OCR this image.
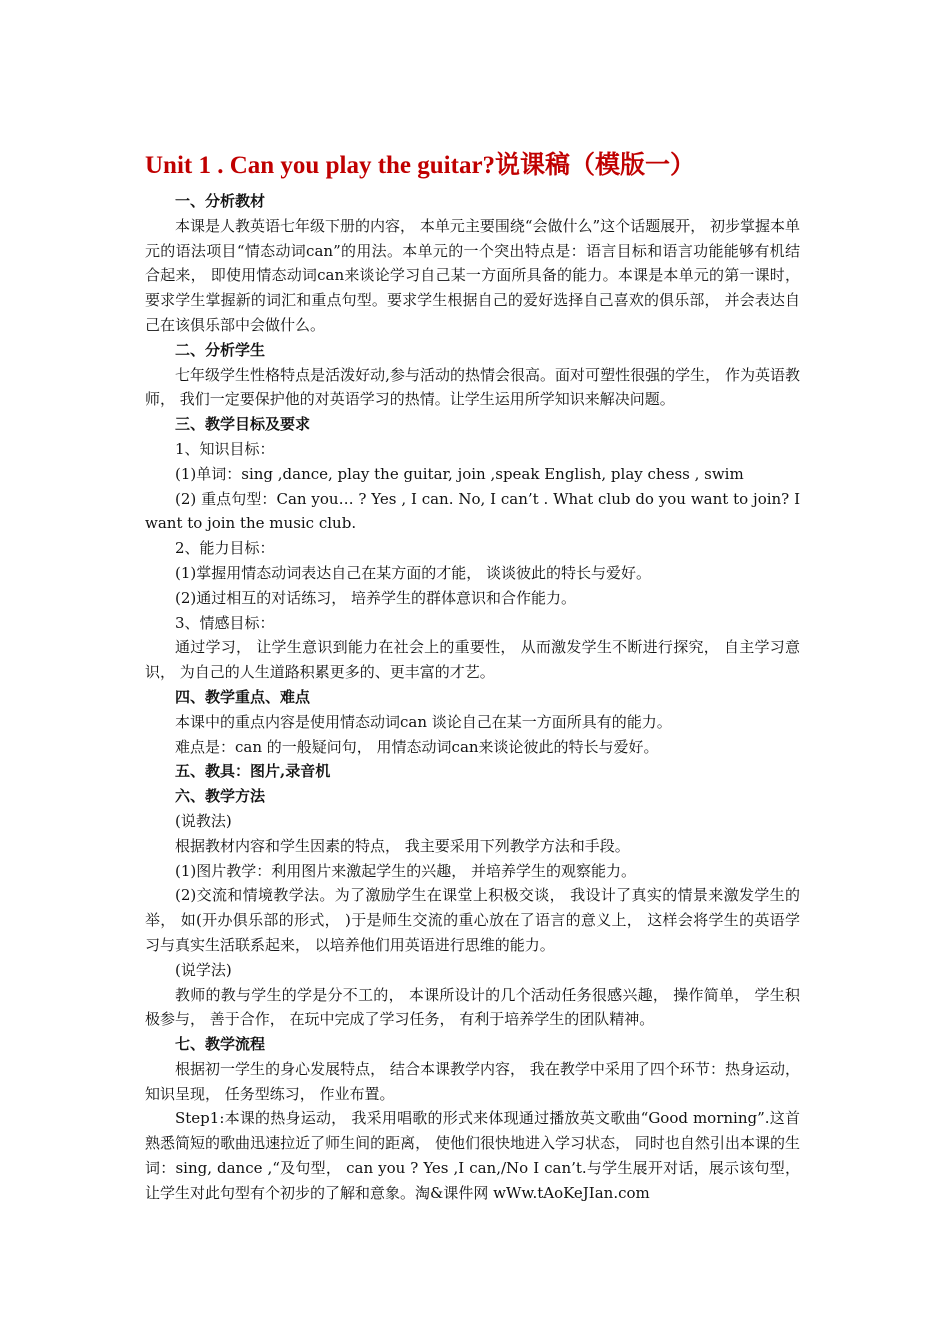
Unit 1 . Can you play the guitar?说课稿（模版一）
一、分析教材

本课是人教英语七年级下册的内容， 本单元主要围绕“会做什么”这个话题展开， 初步掌握本单元的语法项目“情态动词can”的用法。本单元的一个突出特点是：语言目标和语言功能能够有机结合起来， 即使用情态动词can来谈论学习自己某一方面所具备的能力。本课是本单元的第一课时， 要求学生掌握新的词汇和重点句型。要求学生根据自己的爱好选择自己喜欢的俱乐部， 并会表达自己在该俱乐部中会做什么。

二、分析学生

七年级学生性格特点是活泼好动,参与活动的热情会很高。面对可塑性很强的学生， 作为英语教师， 我们一定要保护他的对英语学习的热情。让学生运用所学知识来解决问题。

三、教学目标及要求

1、知识目标：

(1)单词：sing ,dance, play the guitar, join ,speak English, play chess , swim

(2) 重点句型：Can you… ? Yes , I can. No, I can’t . What club do you want to join? I want to join the music club.

2、能力目标：

(1)掌握用情态动词表达自己在某方面的才能， 谈谈彼此的特长与爱好。

(2)通过相互的对话练习， 培养学生的群体意识和合作能力。

3、情感目标：

通过学习， 让学生意识到能力在社会上的重要性， 从而激发学生不断进行探究， 自主学习意识， 为自己的人生道路积累更多的、更丰富的才艺。

四、教学重点、难点

本课中的重点内容是使用情态动词can 谈论自己在某一方面所具有的能力。

难点是：can 的一般疑问句， 用情态动词can来谈论彼此的特长与爱好。

五、教具：图片,录音机
六、教学方法

(说教法)

根据教材内容和学生因素的特点， 我主要采用下列教学方法和手段。

(1)图片教学：利用图片来激起学生的兴趣， 并培养学生的观察能力。

(2)交流和情境教学法。为了激励学生在课堂上积极交谈， 我设计了真实的情景来激发学生的举， 如(开办俱乐部的形式， )于是师生交流的重心放在了语言的意义上， 这样会将学生的英语学习与真实生活联系起来， 以培养他们用英语进行思维的能力。

(说学法)

教师的教与学生的学是分不工的， 本课所设计的几个活动任务很感兴趣， 操作简单， 学生积极参与， 善于合作， 在玩中完成了学习任务， 有利于培养学生的团队精神。

七、教学流程

根据初一学生的身心发展特点， 结合本课教学内容， 我在教学中采用了四个环节：热身运动， 知识呈现， 任务型练习， 作业布置。

Step1:本课的热身运动， 我采用唱歌的形式来体现通过播放英文歌曲“Good morning”.这首熟悉简短的歌曲迅速拉近了师生间的距离， 使他们很快地进入学习状态， 同时也自然引出本课的生词：sing, dance ,“及句型， can you ? Yes ,I can,/No I can’t.与学生展开对话，展示该句型， 让学生对此句型有个初步的了解和意象。淘&课件网 wWw.tAoKeJIan.com
